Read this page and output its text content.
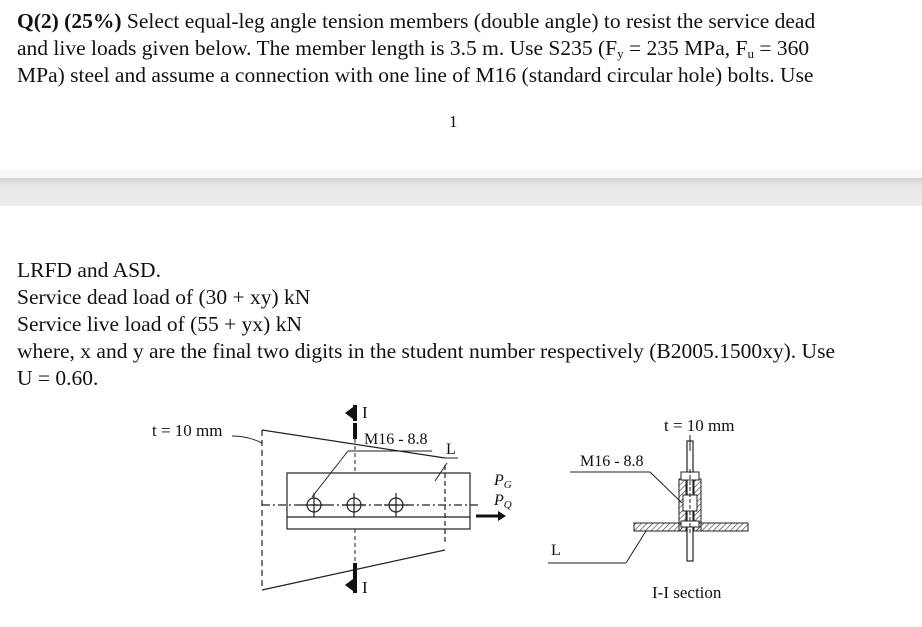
Q(2) (25%) Select equal-leg angle tension members (double angle) to resist the service dead
and live loads given below. The member length is 3.5 m. Use S235 ($F_y = 235$ MPa, $F_u = 360$
MPa) steel and assume a connection with one line of M16 (standard circular hole) bolts. Use

1
LRFD and ASD.
Service dead load of (30 + xy) kN
Service live load of (55 + yx) kN
where, x and y are the final two digits in the student number respectively (B2005.1500xy). Use
U = 0.60.
I
I
t = 10 mm	M16 - 8.8
L
PG
PQ
t = 10 mm
M16 - 8.8
L
I-I section
